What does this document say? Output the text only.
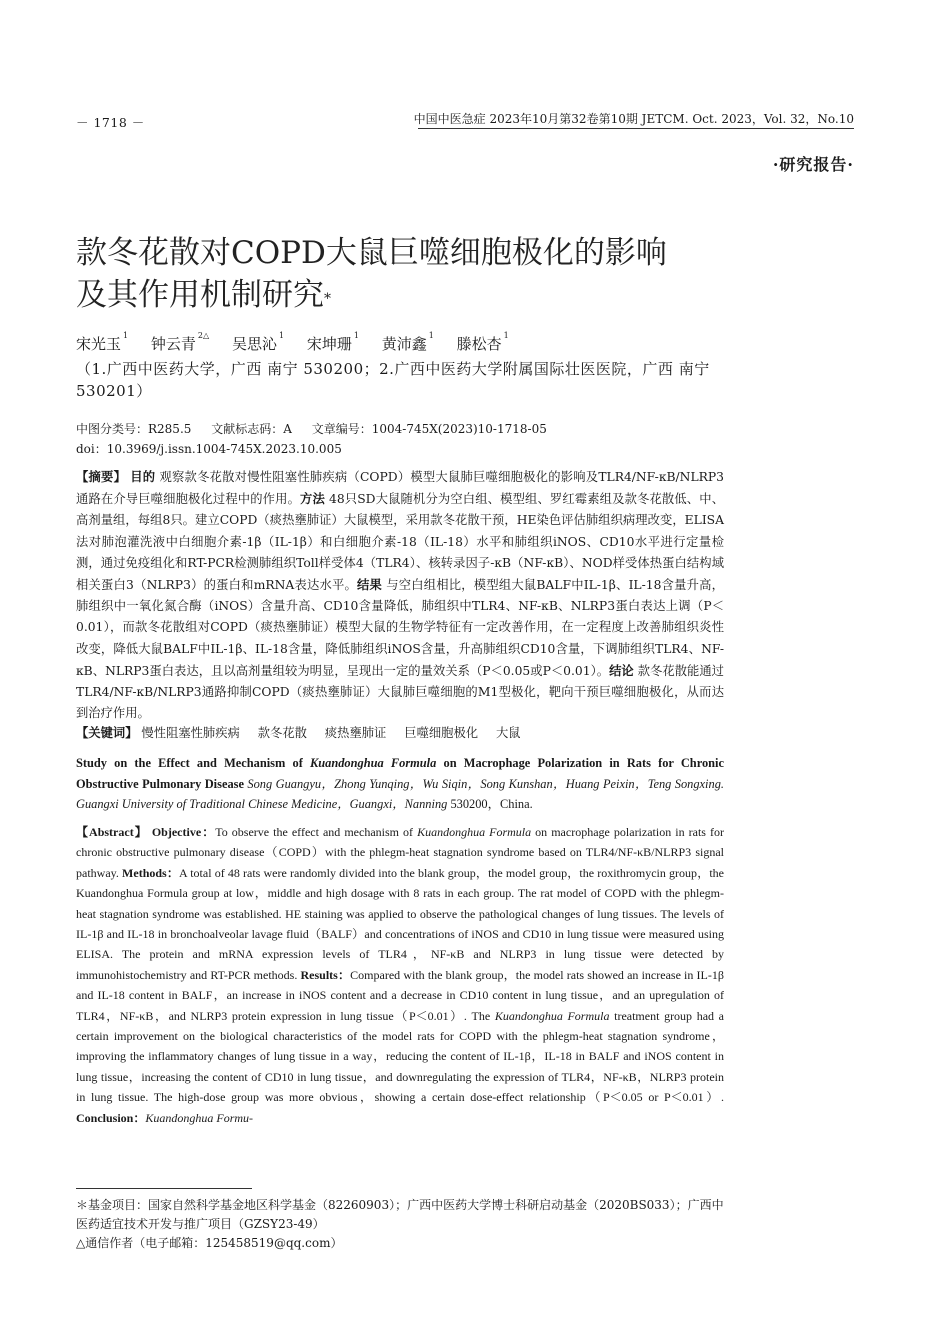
－ 1718 －	中国中医急症 2023年10月第32卷第10期 JETCM. Oct. 2023，Vol. 32，No.10
·研究报告·
款冬花散对COPD大鼠巨噬细胞极化的影响
及其作用机制研究*
宋光玉 $^1$ 钟云青 $^{2\triangle}$ 吴思沁 $^1$ 宋坤珊 $^1$ 黄沛鑫 $^1$ 滕松杏 $^1$
（1.广西中医药大学，广西 南宁 530200；2.广西中医药大学附属国际壮医医院，广西 南宁 530201）
中图分类号：R285.5 文献标志码：A 文章编号：1004-745X(2023)10-1718-05
doi：10.3969/j.issn.1004-745X.2023.10.005
【摘要】 目的 观察款冬花散对慢性阻塞性肺疾病（COPD）模型大鼠肺巨噬细胞极化的影响及TLR4/NF-κB/NLRP3通路在介导巨噬细胞极化过程中的作用。方法 48只SD大鼠随机分为空白组、模型组、罗红霉素组及款冬花散低、中、高剂量组，每组8只。建立COPD（痰热壅肺证）大鼠模型，采用款冬花散干预，HE染色评估肺组织病理改变，ELISA法对肺泡灌洗液中白细胞介素-1β（IL-1β）和白细胞介素-18（IL-18）水平和肺组织iNOS、CD10水平进行定量检测，通过免疫组化和RT-PCR检测肺组织Toll样受体4（TLR4）、核转录因子-κB（NF-κB）、NOD样受体热蛋白结构域相关蛋白3（NLRP3）的蛋白和mRNA表达水平。结果 与空白组相比，模型组大鼠BALF中IL-1β、IL-18含量升高，肺组织中一氧化氮合酶（iNOS）含量升高、CD10含量降低，肺组织中TLR4、NF-κB、NLRP3蛋白表达上调（P＜0.01），而款冬花散组对COPD（痰热壅肺证）模型大鼠的生物学特征有一定改善作用，在一定程度上改善肺组织炎性改变，降低大鼠BALF中IL-1β、IL-18含量，降低肺组织iNOS含量，升高肺组织CD10含量，下调肺组织TLR4、NF-κB、NLRP3蛋白表达，且以高剂量组较为明显，呈现出一定的量效关系（P＜0.05或P＜0.01）。结论 款冬花散能通过TLR4/NF-κB/NLRP3通路抑制COPD（痰热壅肺证）大鼠肺巨噬细胞的M1型极化，靶向干预巨噬细胞极化，从而达到治疗作用。
【关键词】 慢性阻塞性肺疾病 款冬花散 痰热壅肺证 巨噬细胞极化 大鼠
Study on the Effect and Mechanism of Kuandonghua Formula on Macrophage Polarization in Rats for Chronic Obstructive Pulmonary Disease Song Guangyu，Zhong Yunqing，Wu Siqin，Song Kunshan，Huang Peixin，Teng Songxing. Guangxi University of Traditional Chinese Medicine，Guangxi，Nanning 530200，China.
【Abstract】 Objective：To observe the effect and mechanism of Kuandonghua Formula on macrophage polarization in rats for chronic obstructive pulmonary disease（COPD）with the phlegm-heat stagnation syndrome based on TLR4/NF-κB/NLRP3 signal pathway. Methods：A total of 48 rats were randomly divided into the blank group，the model group，the roxithromycin group，the Kuandonghua Formula group at low，middle and high dosage with 8 rats in each group. The rat model of COPD with the phlegm-heat stagnation syndrome was established. HE staining was applied to observe the pathological changes of lung tissues. The levels of IL-1β and IL-18 in bronchoalveolar lavage fluid（BALF）and concentrations of iNOS and CD10 in lung tissue were measured using ELISA. The protein and mRNA expression levels of TLR4，NF-κB and NLRP3 in lung tissue were detected by immunohistochemistry and RT-PCR methods. Results：Compared with the blank group，the model rats showed an increase in IL-1β and IL-18 content in BALF，an increase in iNOS content and a decrease in CD10 content in lung tissue，and an upregulation of TLR4，NF-κB，and NLRP3 protein expression in lung tissue（P＜0.01）. The Kuandonghua Formula treatment group had a certain improvement on the biological characteristics of the model rats for COPD with the phlegm-heat stagnation syndrome，improving the inflammatory changes of lung tissue in a way，reducing the content of IL-1β，IL-18 in BALF and iNOS content in lung tissue，increasing the content of CD10 in lung tissue，and downregulating the expression of TLR4，NF-κB，NLRP3 protein in lung tissue. The high-dose group was more obvious，showing a certain dose-effect relationship（P＜0.05 or P＜0.01）. Conclusion：Kuandonghua Formu-
＊基金项目：国家自然科学基金地区科学基金（82260903）；广西中医药大学博士科研启动基金（2020BS033）；广西中医药适宜技术开发与推广项目（GZSY23-49）
△通信作者（电子邮箱：125458519@qq.com）
